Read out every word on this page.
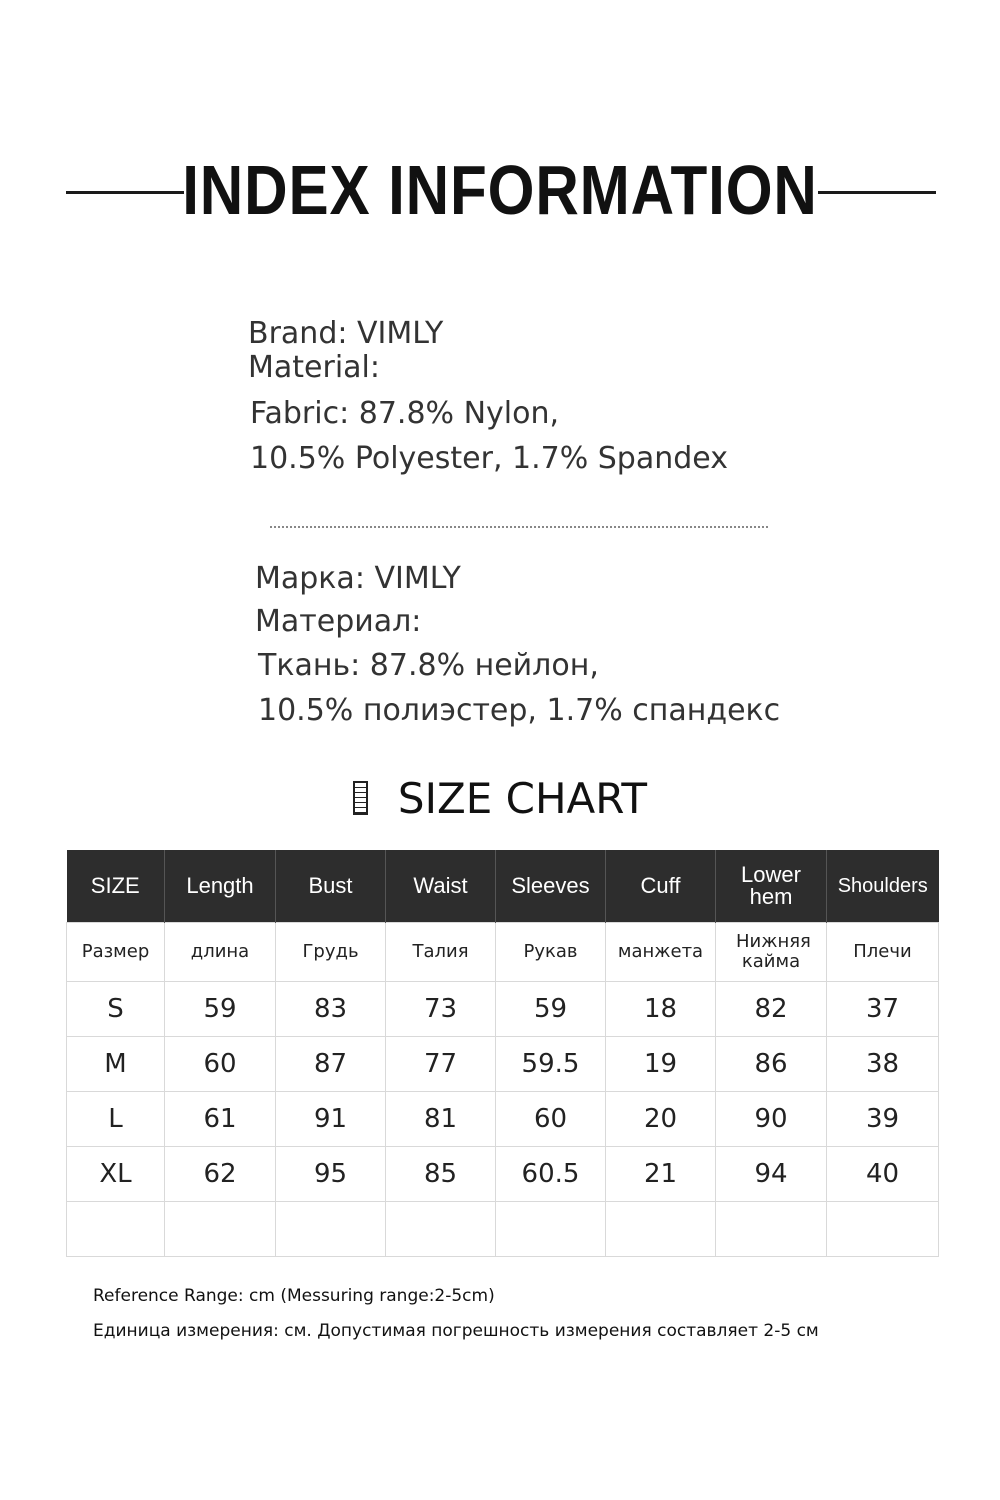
INDEX INFORMATION
Brand: VIMLY
Material:
Fabric: 87.8% Nylon,
10.5% Polyester, 1.7% Spandex
Марка: VIMLY
Материал:
Ткань: 87.8% нейлон,
10.5% полиэстер, 1.7% спандекс
SIZE CHART
SIZE	Length	Bust	Waist	Sleeves	Cuff	Lower hem	Shoulders
Размер	длина	Грудь	Талия	Рукав	манжета	Нижняя кайма	Плечи
S	59	83	73	59	18	82	37
M	60	87	77	59.5	19	86	38
L	61	91	81	60	20	90	39
XL	62	95	85	60.5	21	94	40

Reference Range: cm (Messuring range:2-5cm)
Единица измерения: см. Допустимая погрешность измерения составляет 2-5 см
